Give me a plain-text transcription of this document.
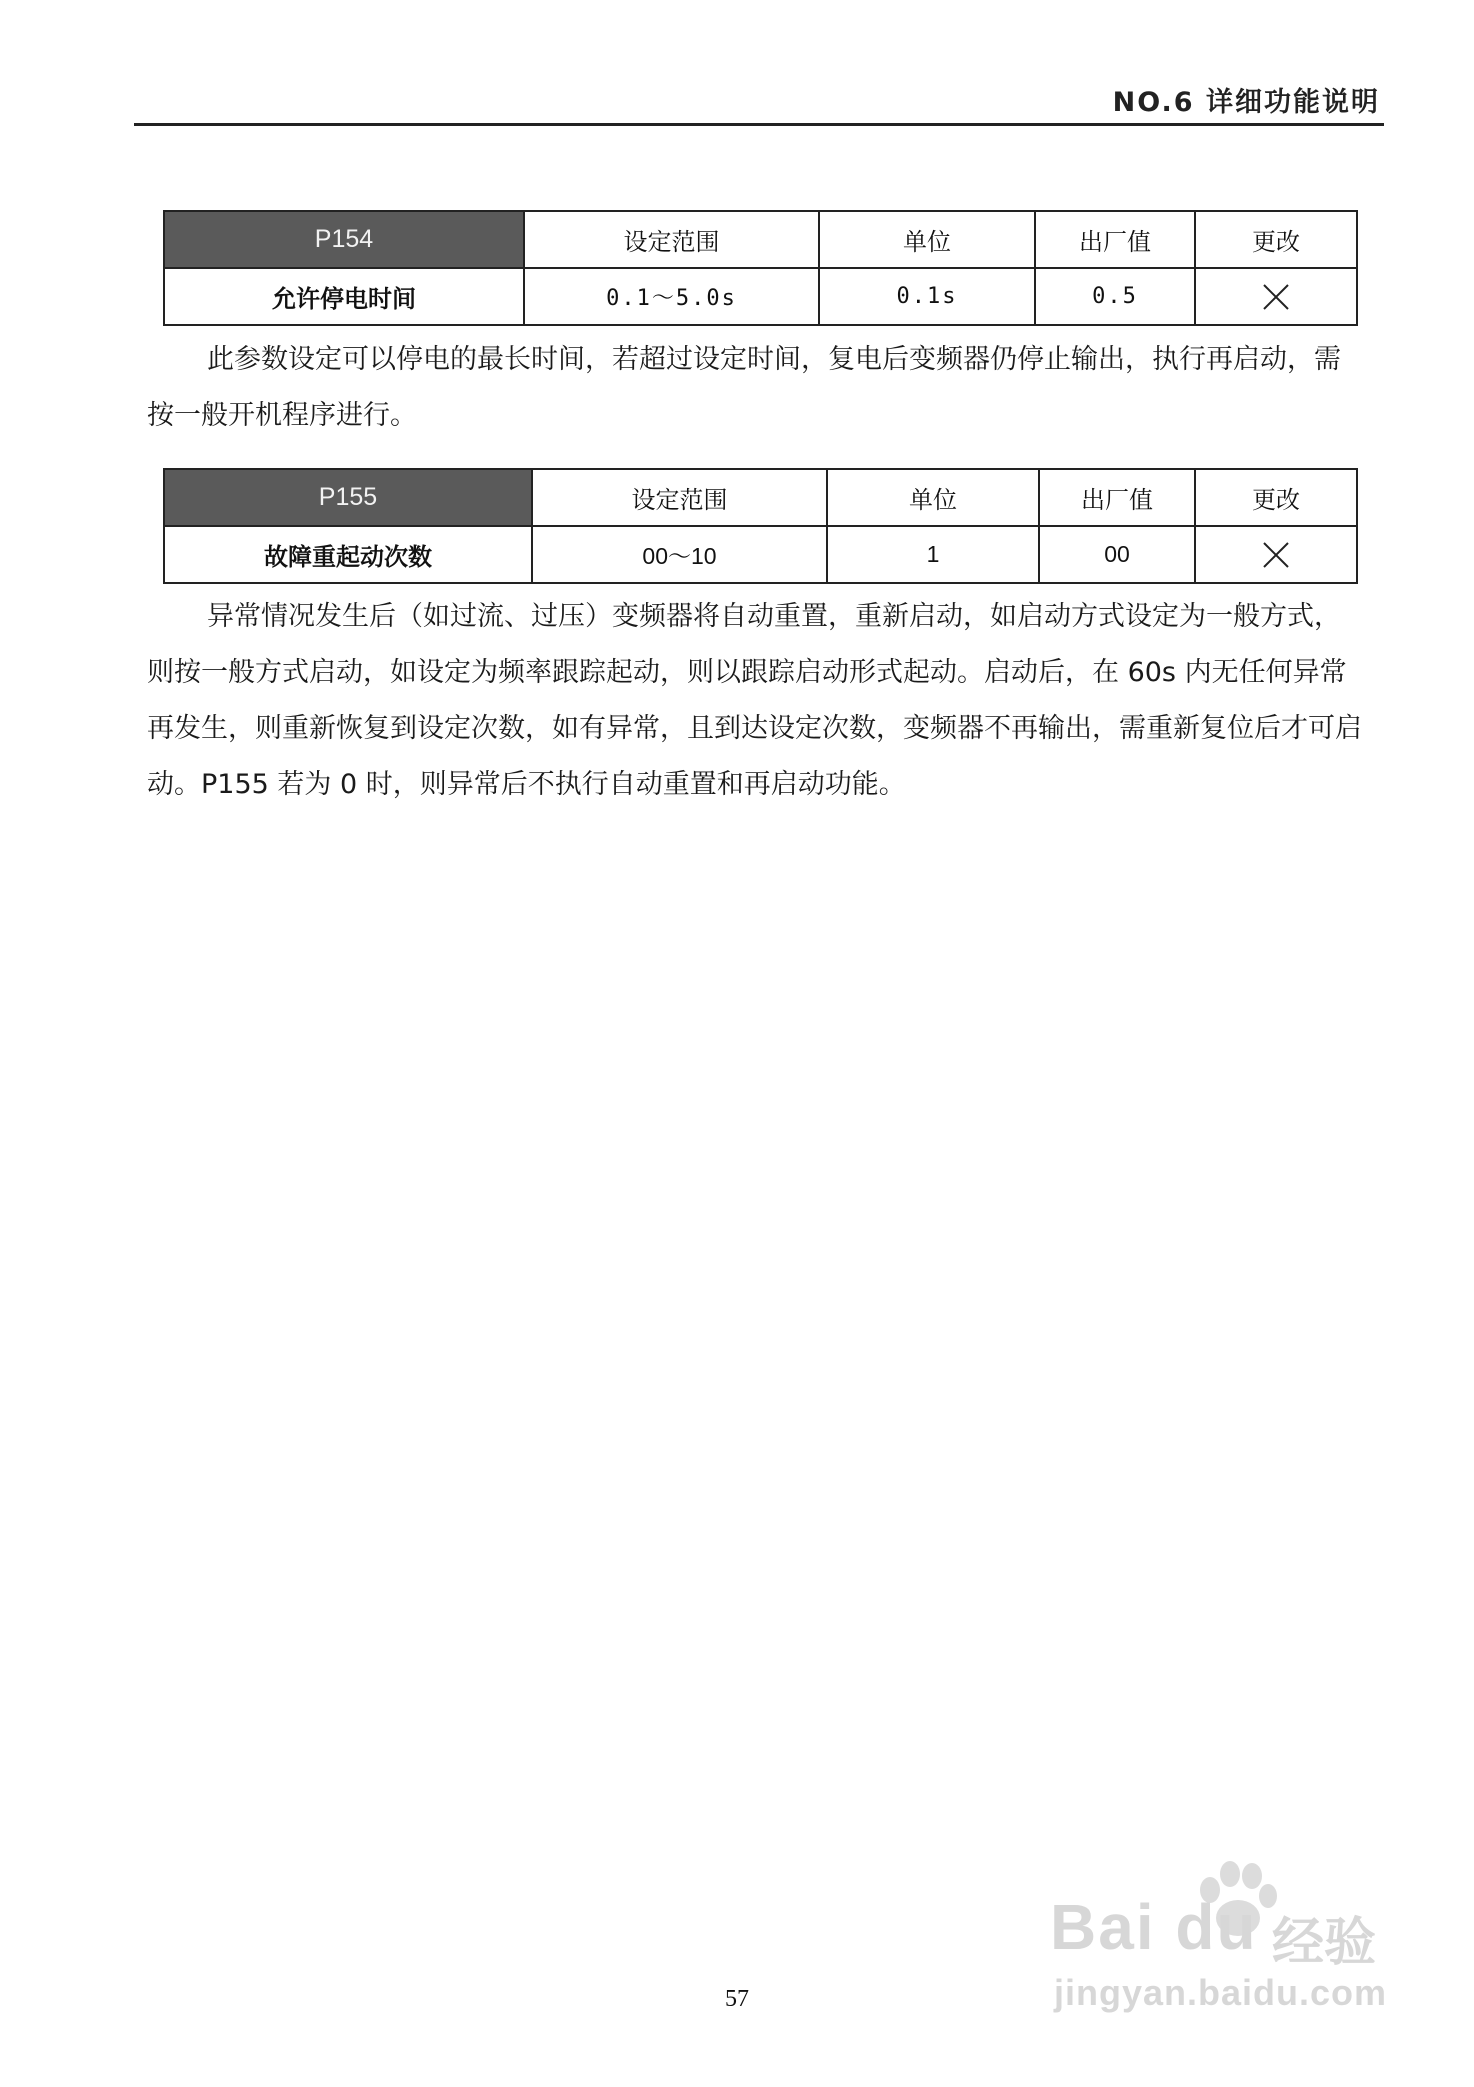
NO.6 详细功能说明
P154	设定范围	单位	出厂值	更改
允许停电时间	0.1～5.0s	0.1s	0.5	
此参数设定可以停电的最长时间，若超过设定时间，复电后变频器仍停止输出，执行再启动，需按一般开机程序进行。
P155	设定范围	单位	出厂值	更改
故障重起动次数	00～10	1	00	
异常情况发生后（如过流、过压）变频器将自动重置，重新启动，如启动方式设定为一般方式，则按一般方式启动，如设定为频率跟踪起动，则以跟踪启动形式起动。启动后，在 60s 内无任何异常再发生，则重新恢复到设定次数，如有异常，且到达设定次数，变频器不再输出，需重新复位后才可启动。P155 若为 0 时，则异常后不执行自动重置和再启动功能。
57
Bai du 经验
jingyan.baidu.com
